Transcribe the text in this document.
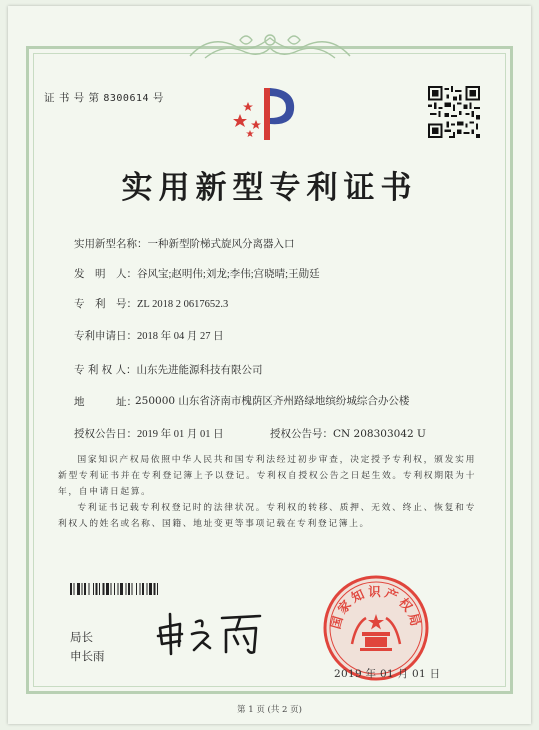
证 书 号 第 8300614 号
实用新型专利证书
实用新型名称：一种新型阶梯式旋风分离器入口
发　明　人：谷风宝;赵明伟;刘龙;李伟;宫晓晴;王勋廷
专　利　号：ZL 2018 2 0617652.3
专利申请日：2018 年 04 月 27 日
专 利 权 人：山东先进能源科技有限公司
地　　　址：
250000 山东省济南市槐荫区齐州路绿地缤纷城综合办公楼
授权公告日：2019 年 01 月 01 日	授权公告号：CN 208303042 U
国家知识产权局依照中华人民共和国专利法经过初步审查，决定授予专利权，颁发实用新型专利证书并在专利登记簿上予以登记。专利权自授权公告之日起生效。专利权期限为十年，自申请日起算。
专利证书记载专利权登记时的法律状况。专利权的转移、质押、无效、终止、恢复和专利权人的姓名或名称、国籍、地址变更等事项记载在专利登记簿上。
局长
申长雨
国家知识产权局
2019 年 01 月 01 日
第 1 页 (共 2 页)
